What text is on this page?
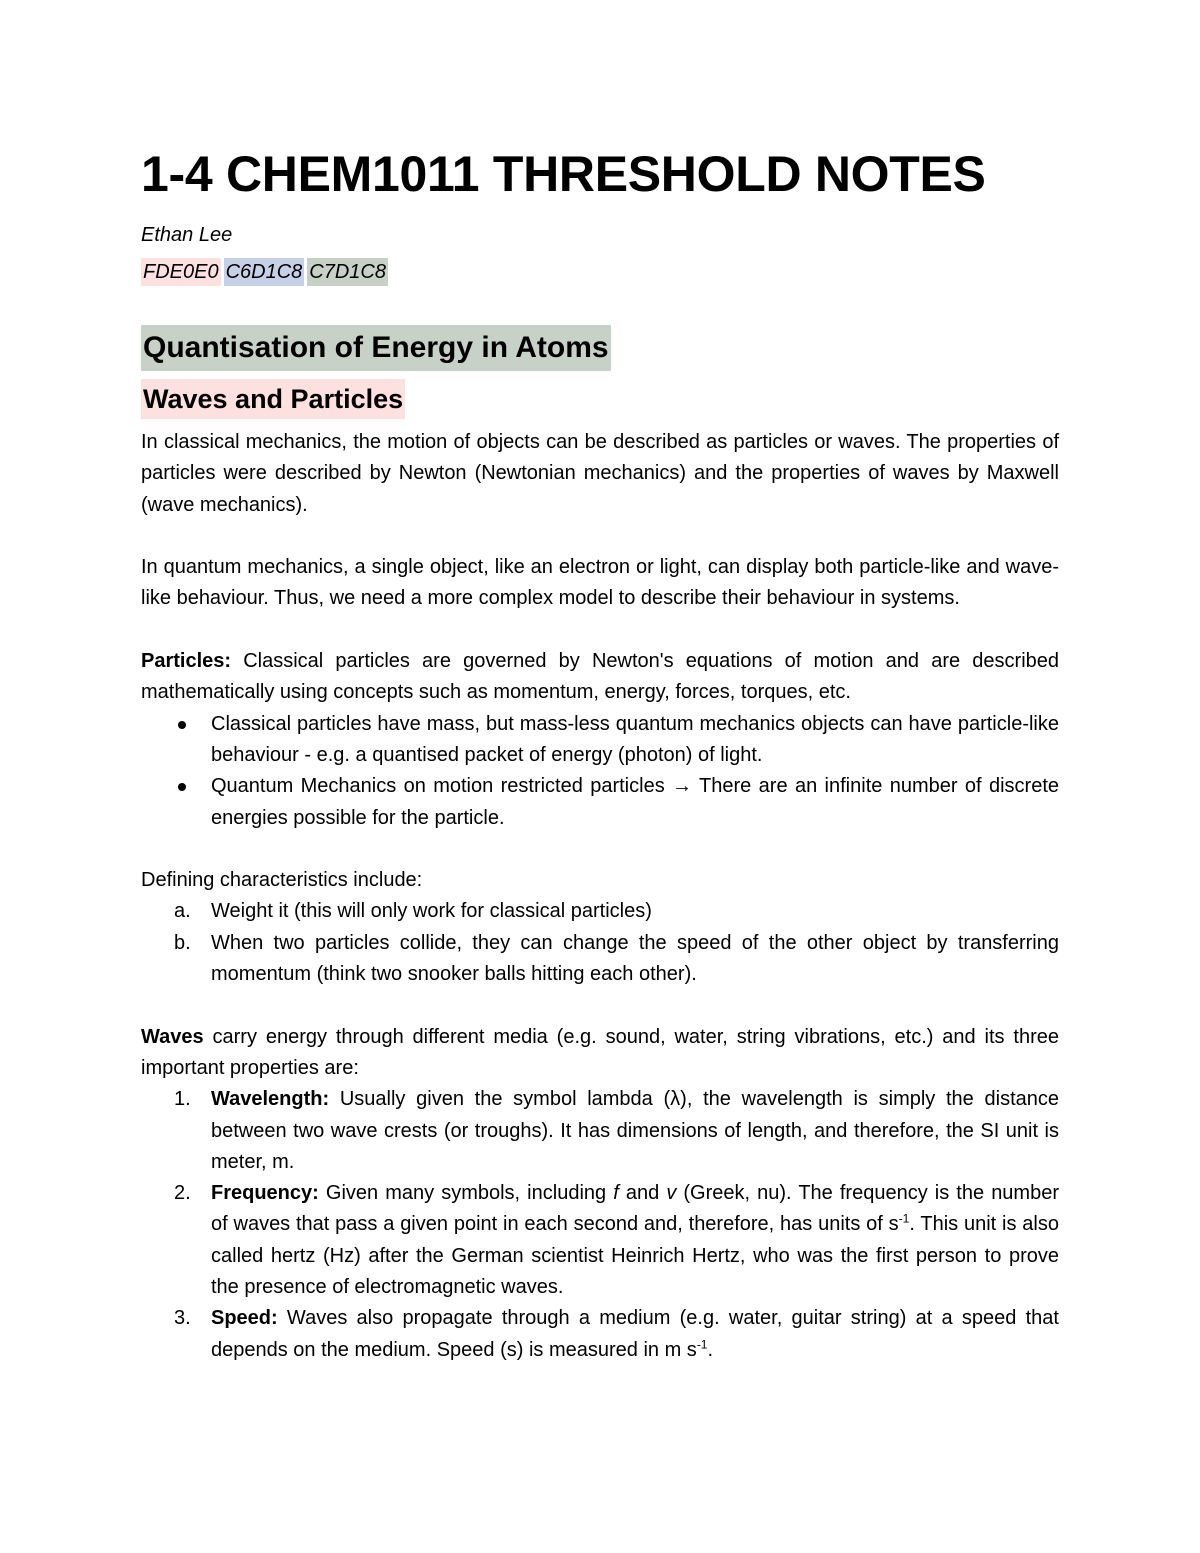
1-4 CHEM1011 THRESHOLD NOTES
Ethan Lee
FDE0E0 C6D1C8 C7D1C8
Quantisation of Energy in Atoms
Waves and Particles

In classical mechanics, the motion of objects can be described as particles or waves. The properties of particles were described by Newton (Newtonian mechanics) and the properties of waves by Maxwell (wave mechanics).

In quantum mechanics, a single object, like an electron or light, can display both particle-like and wave-like behaviour. Thus, we need a more complex model to describe their behaviour in systems.

Particles: Classical particles are governed by Newton's equations of motion and are described mathematically using concepts such as momentum, energy, forces, torques, etc.

Classical particles have mass, but mass-less quantum mechanics objects can have particle-like behaviour - e.g. a quantised packet of energy (photon) of light.
Quantum Mechanics on motion restricted particles → There are an infinite number of discrete energies possible for the particle.

Defining characteristics include:

a. Weight it (this will only work for classical particles)
b. When two particles collide, they can change the speed of the other object by transferring momentum (think two snooker balls hitting each other).

Waves carry energy through different media (e.g. sound, water, string vibrations, etc.) and its three important properties are:

1. Wavelength: Usually given the symbol lambda (λ), the wavelength is simply the distance between two wave crests (or troughs). It has dimensions of length, and therefore, the SI unit is meter, m.
2. Frequency: Given many symbols, including f and v (Greek, nu). The frequency is the number of waves that pass a given point in each second and, therefore, has units of $s^{-1}$. This unit is also called hertz (Hz) after the German scientist Heinrich Hertz, who was the first person to prove the presence of electromagnetic waves.
3. Speed: Waves also propagate through a medium (e.g. water, guitar string) at a speed that depends on the medium. Speed (s) is measured in m $s^{-1}$.
